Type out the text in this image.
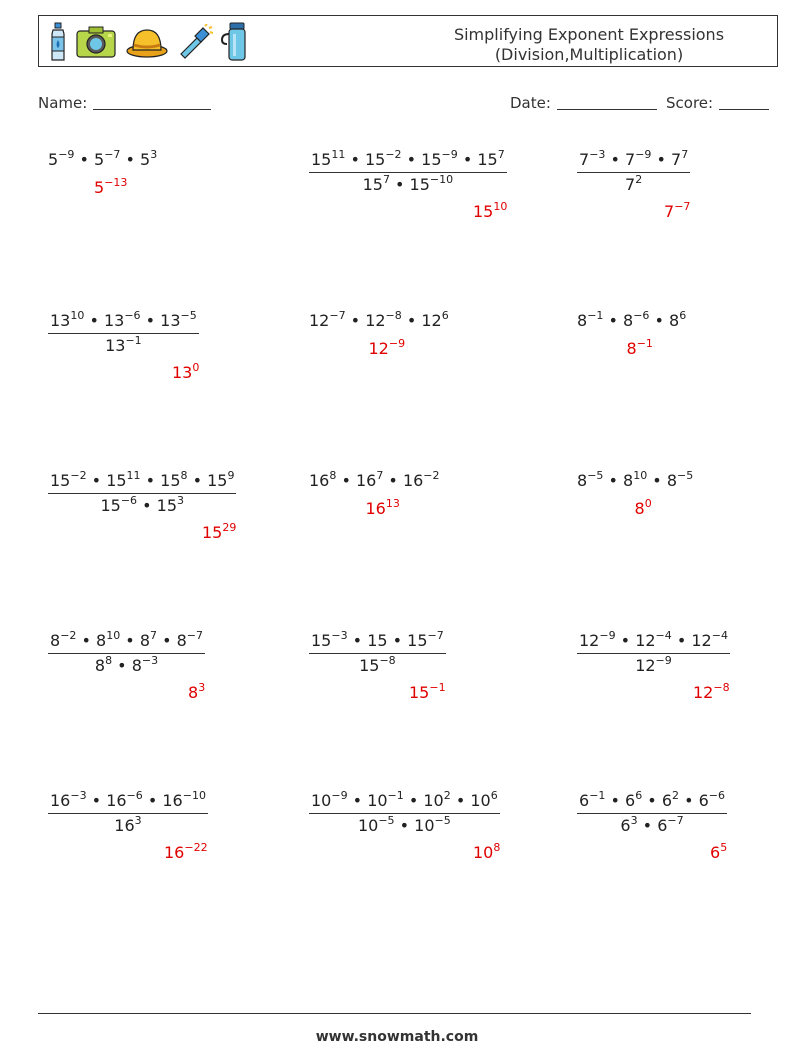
Simplifying Exponent Expressions
(Division,Multiplication)
Name:	Date:	Score:
$5^{-9}$ • $5^{-7}$ • $5^3$
$5^{-13}$	$\frac{15^{11} • 15^{-2} • 15^{-9} • 15^7}{15^7 • 15^{-10}}$
$15^{10}$
$\frac{7^{-3} • 7^{-9} • 7^7}{7^2}$
$7^{-7}$
$\frac{13^{10} • 13^{-6} • 13^{-5}}{13^{-1}}$
$13^0$
$12^{-7}$ • $12^{-8}$ • $12^6$
$12^{-9}$
$8^{-1}$ • $8^{-6}$ • $8^6$
$8^{-1}$
$\frac{15^{-2} • 15^{11} • 15^8 • 15^9}{15^{-6} • 15^3}$
$15^{29}$
$16^8$ • $16^7$ • $16^{-2}$
$16^{13}$
$8^{-5}$ • $8^{10}$ • $8^{-5}$
$8^0$
$\frac{8^{-2} • 8^{10} • 8^7 • 8^{-7}}{8^8 • 8^{-3}}$
$8^3$
$\frac{15^{-3} • 15 • 15^{-7}}{15^{-8}}$
$15^{-1}$
$\frac{12^{-9} • 12^{-4} • 12^{-4}}{12^{-9}}$
$12^{-8}$
$\frac{16^{-3} • 16^{-6} • 16^{-10}}{16^3}$
$16^{-22}$
$\frac{10^{-9} • 10^{-1} • 10^2 • 10^6}{10^{-5} • 10^{-5}}$
$10^8$
$\frac{6^{-1} • 6^6 • 6^2 • 6^{-6}}{6^3 • 6^{-7}}$
$6^5$
www.snowmath.com
